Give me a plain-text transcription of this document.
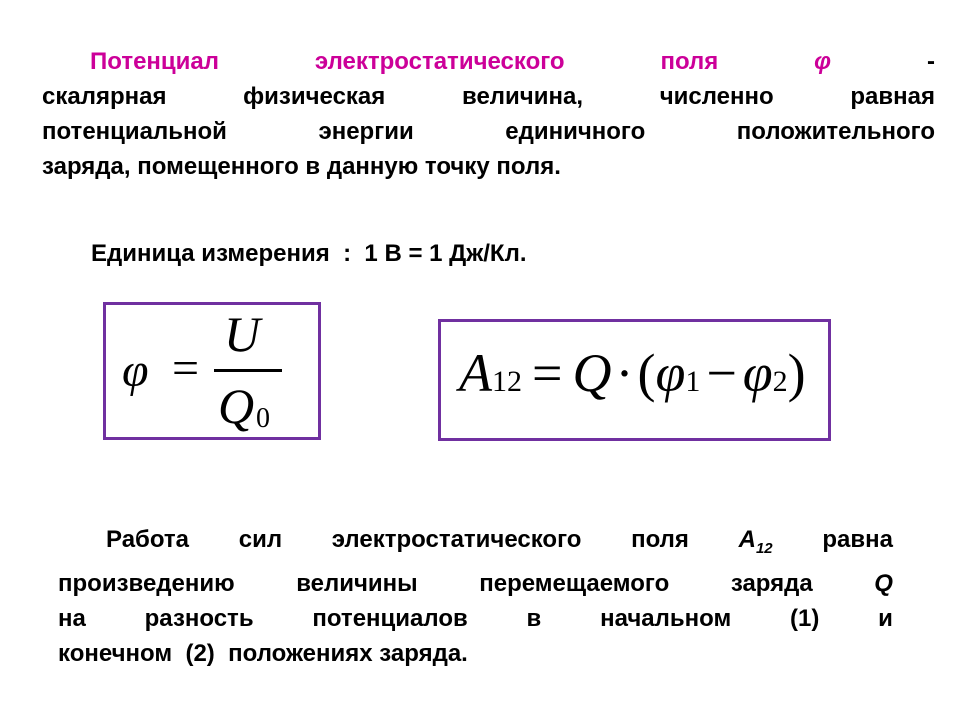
Потенциал	электростатического	поля	φ	-
скалярная	физическая	величина,	численно	равная
потенциальной	энергии	единичного	положительного
заряда, помещенного в данную точку поля.
Единица измерения  :  1 В = 1 Дж/Кл.
φ =
U
Q 0
A 12 = Q · ( φ 1 − φ 2 )
Работа сил электростатического поля $A_{12}$ равна
произведению	величины	перемещаемого	заряда	Q
на разность потенциалов в начальном (1) и
конечном  (2)  положениях заряда.
